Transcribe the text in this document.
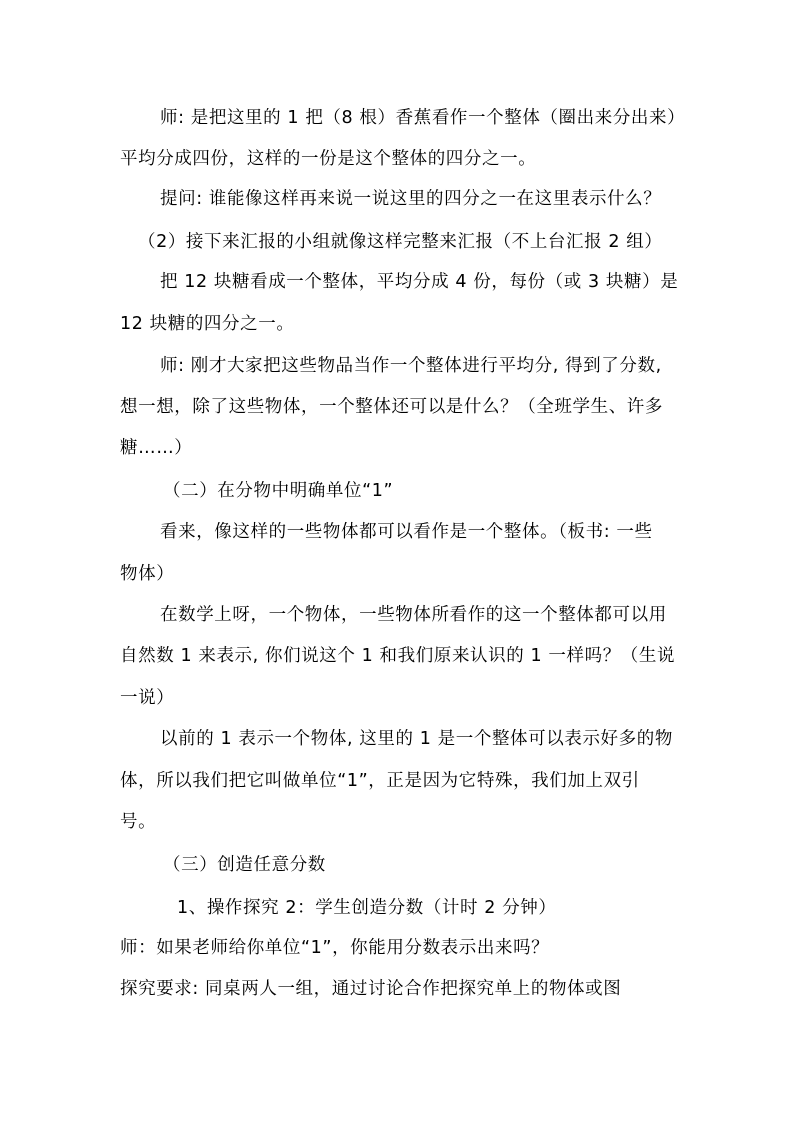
师: 是把这里的 1 把（8 根）香蕉看作一个整体（圈出来分出来）
平均分成四份，这样的一份是这个整体的四分之一。
提问: 谁能像这样再来说一说这里的四分之一在这里表示什么？
（2）接下来汇报的小组就像这样完整来汇报（不上台汇报 2 组）
把 12 块糖看成一个整体，平均分成 4 份，每份（或 3 块糖）是
12 块糖的四分之一。
师: 刚才大家把这些物品当作一个整体进行平均分, 得到了分数,
想一想，除了这些物体，一个整体还可以是什么？（全班学生、许多
糖……）
（二）在分物中明确单位“1”
看来，像这样的一些物体都可以看作是一个整体。（板书: 一些
物体）
在数学上呀，一个物体，一些物体所看作的这一个整体都可以用
自然数 1 来表示, 你们说这个 1 和我们原来认识的 1 一样吗？（生说
一说）
以前的 1 表示一个物体, 这里的 1 是一个整体可以表示好多的物
体，所以我们把它叫做单位“1”，正是因为它特殊，我们加上双引
号。
（三）创造任意分数
1、操作探究 2：学生创造分数（计时 2 分钟）
师：如果老师给你单位“1”，你能用分数表示出来吗？
探究要求: 同桌两人一组，通过讨论合作把探究单上的物体或图
